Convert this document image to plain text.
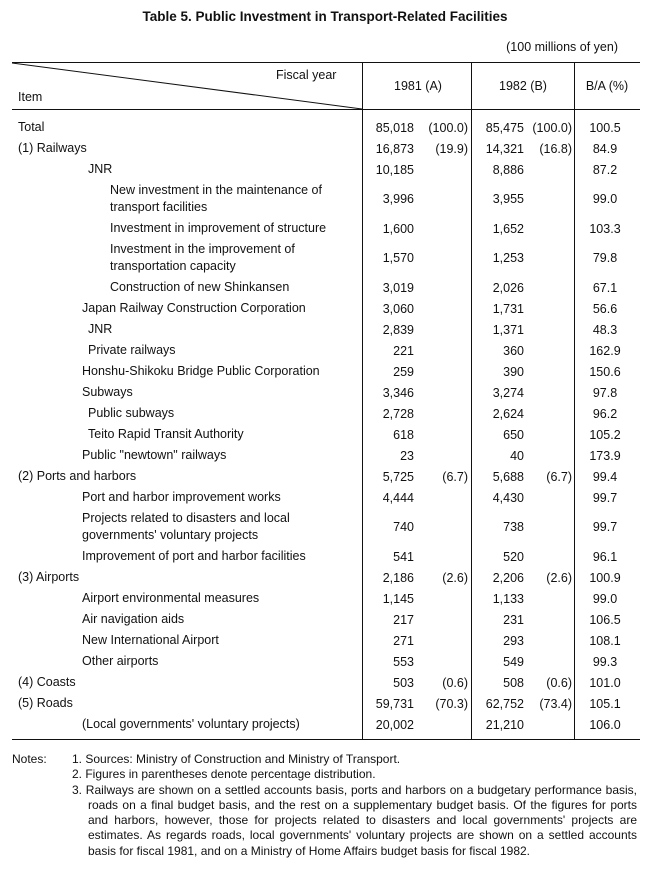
Table 5. Public Investment in Transport-Related Facilities
(100 millions of yen)
Fiscal year
Item
1981 (A)	1982 (B)	B/A (%)
Total	85,018	(100.0)	85,475 (100.0)	100.5
(1) Railways	16,873	(19.9)	14,321	(16.8)	84.9
JNR	10,185	8,886	87.2
New investment in the maintenance of transport facilities
3,996	3,955	99.0
Investment in improvement of structure	1,600	1,652	103.3
Investment in the improvement of transportation capacity
1,570	1,253	79.8
Construction of new Shinkansen	3,019	2,026	67.1
Japan Railway Construction Corporation	3,060	1,731	56.6
JNR	2,839	1,371	48.3
Private railways	221	360	162.9
Honshu-Shikoku Bridge Public Corporation	259	390	150.6
Subways	3,346	3,274	97.8
Public subways	2,728	2,624	96.2
Teito Rapid Transit Authority	618	650	105.2
Public "newtown" railways	23	40	173.9
(2) Ports and harbors	5,725	(6.7)	5,688	(6.7)	99.4
Port and harbor improvement works	4,444	4,430	99.7
Projects related to disasters and local governments' voluntary projects
740	738	99.7
Improvement of port and harbor facilities	541	520	96.1
(3) Airports	2,186	(2.6)	2,206	(2.6)	100.9
Airport environmental measures	1,145	1,133	99.0
Air navigation aids	217	231	106.5
New International Airport	271	293	108.1
Other airports	553	549	99.3
(4) Coasts	503	(0.6)	508	(0.6)	101.0
(5) Roads	59,731	(70.3)	62,752	(73.4)	105.1
(Local governments' voluntary projects)	20,002	21,210	106.0
Notes:	1. Sources: Ministry of Construction and Ministry of Transport.
2. Figures in parentheses denote percentage distribution.
3. Railways are shown on a settled accounts basis, ports and harbors on a budgetary performance basis, roads on a final budget basis, and the rest on a supplementary budget basis. Of the figures for ports and harbors, however, those for projects related to disasters and local governments' projects are estimates. As regards roads, local governments' voluntary projects are shown on a settled accounts basis for fiscal 1981, and on a Ministry of Home Affairs budget basis for fiscal 1982.
